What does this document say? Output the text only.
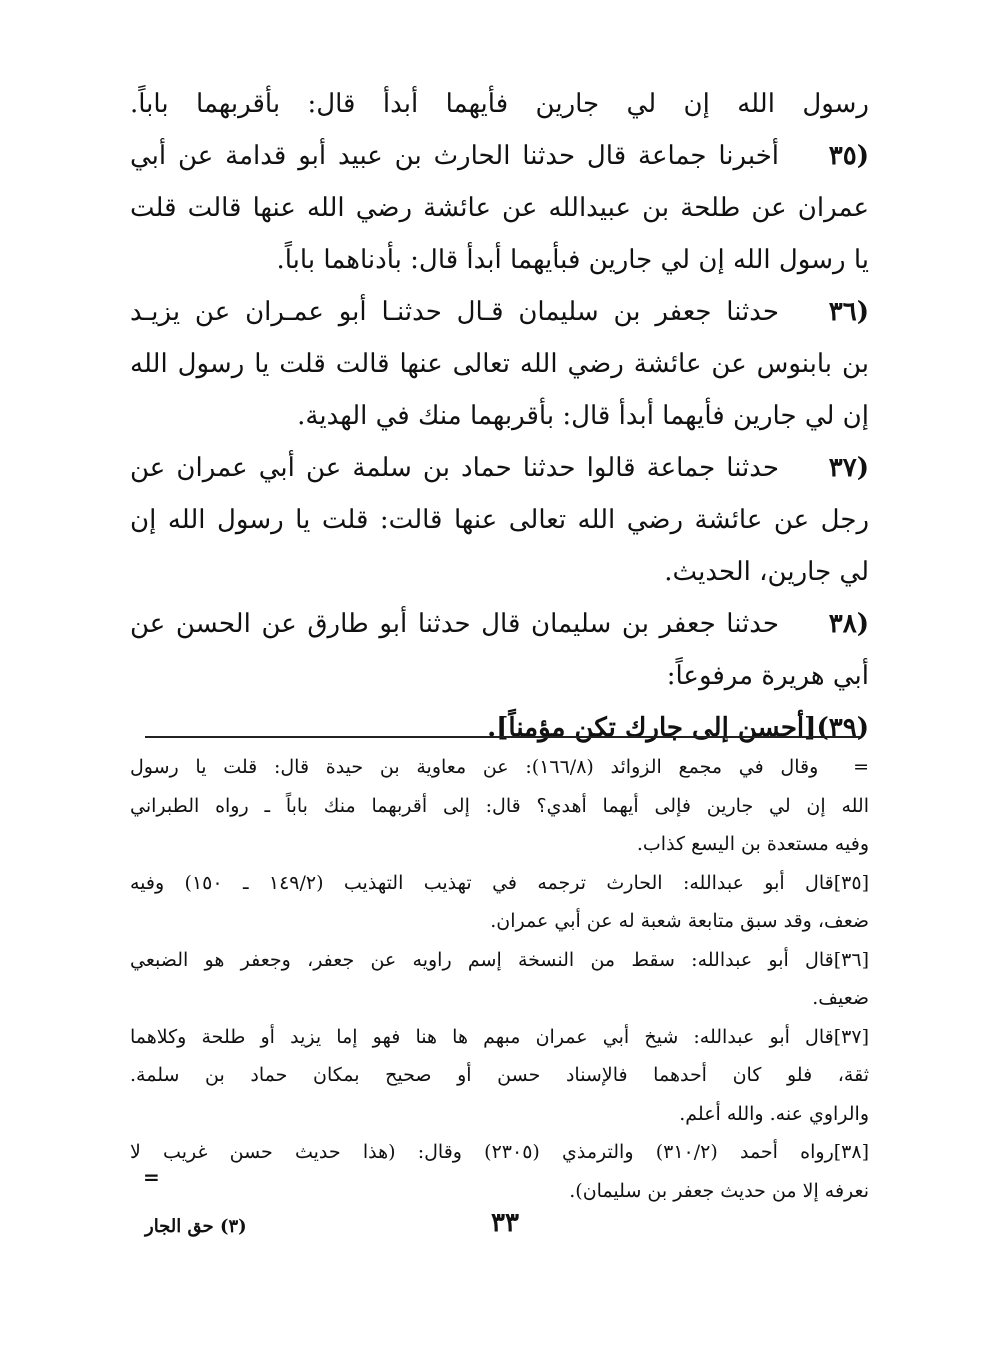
رسول الله إن لي جارين فأيهما أبدأ قال: بأقربهما باباً.
(٣٥أخبرنا جماعة قال حدثنا الحارث بن عبيد أبو قدامة عن أبي
عمران عن طلحة بن عبيدالله عن عائشة رضي الله عنها قالت قلت
يا رسول الله إن لي جارين فبأيهما أبدأ قال: بأدناهما باباً.
(٣٦حدثنا جعفر بن سليمان قـال حدثنـا أبو عمـران عن يزيـد
بن بابنوس عن عائشة رضي الله تعالى عنها قالت قلت يا رسول الله
إن لي جارين فأيهما أبدأ قال: بأقربهما منك في الهدية.
(٣٧حدثنا جماعة قالوا حدثنا حماد بن سلمة عن أبي عمران عن
رجل عن عائشة رضي الله تعالى عنها قالت: قلت يا رسول الله إن
لي جارين، الحديث.
(٣٨حدثنا جعفر بن سليمان قال حدثنا أبو طارق عن الحسن عن
أبي هريرة مرفوعاً:
(٣٩)[أحسن إلى جارك تكن مؤمناً].
= وقال في مجمع الزوائد (١٦٦/٨): عن معاوية بن حيدة قال: قلت يا رسول
الله إن لي جارين فإلى أيهما أهدي؟ قال: إلى أقربهما منك باباً ـ رواه الطبراني
وفيه مستعدة بن اليسع كذاب.
[٣٥]قال أبو عبدالله: الحارث ترجمه في تهذيب التهذيب (١٤٩/٢ ـ ١٥٠) وفيه
ضعف، وقد سبق متابعة شعبة له عن أبي عمران.
[٣٦]قال أبو عبدالله: سقط من النسخة إسم راويه عن جعفر، وجعفر هو الضبعي
ضعيف.
[٣٧]قال أبو عبدالله: شيخ أبي عمران مبهم ها هنا فهو إما يزيد أو طلحة وكلاهما
ثقة، فلو كان أحدهما فالإسناد حسن أو صحيح بمكان حماد بن سلمة.
والراوي عنه. والله أعلم.
[٣٨]رواه أحمد (٣١٠/٢) والترمذي (٢٣٠٥) وقال: (هذا حديث حسن غريب لا
نعرفه إلا من حديث جعفر بن سليمان).
=
٣٣
(٣) حق الجار
